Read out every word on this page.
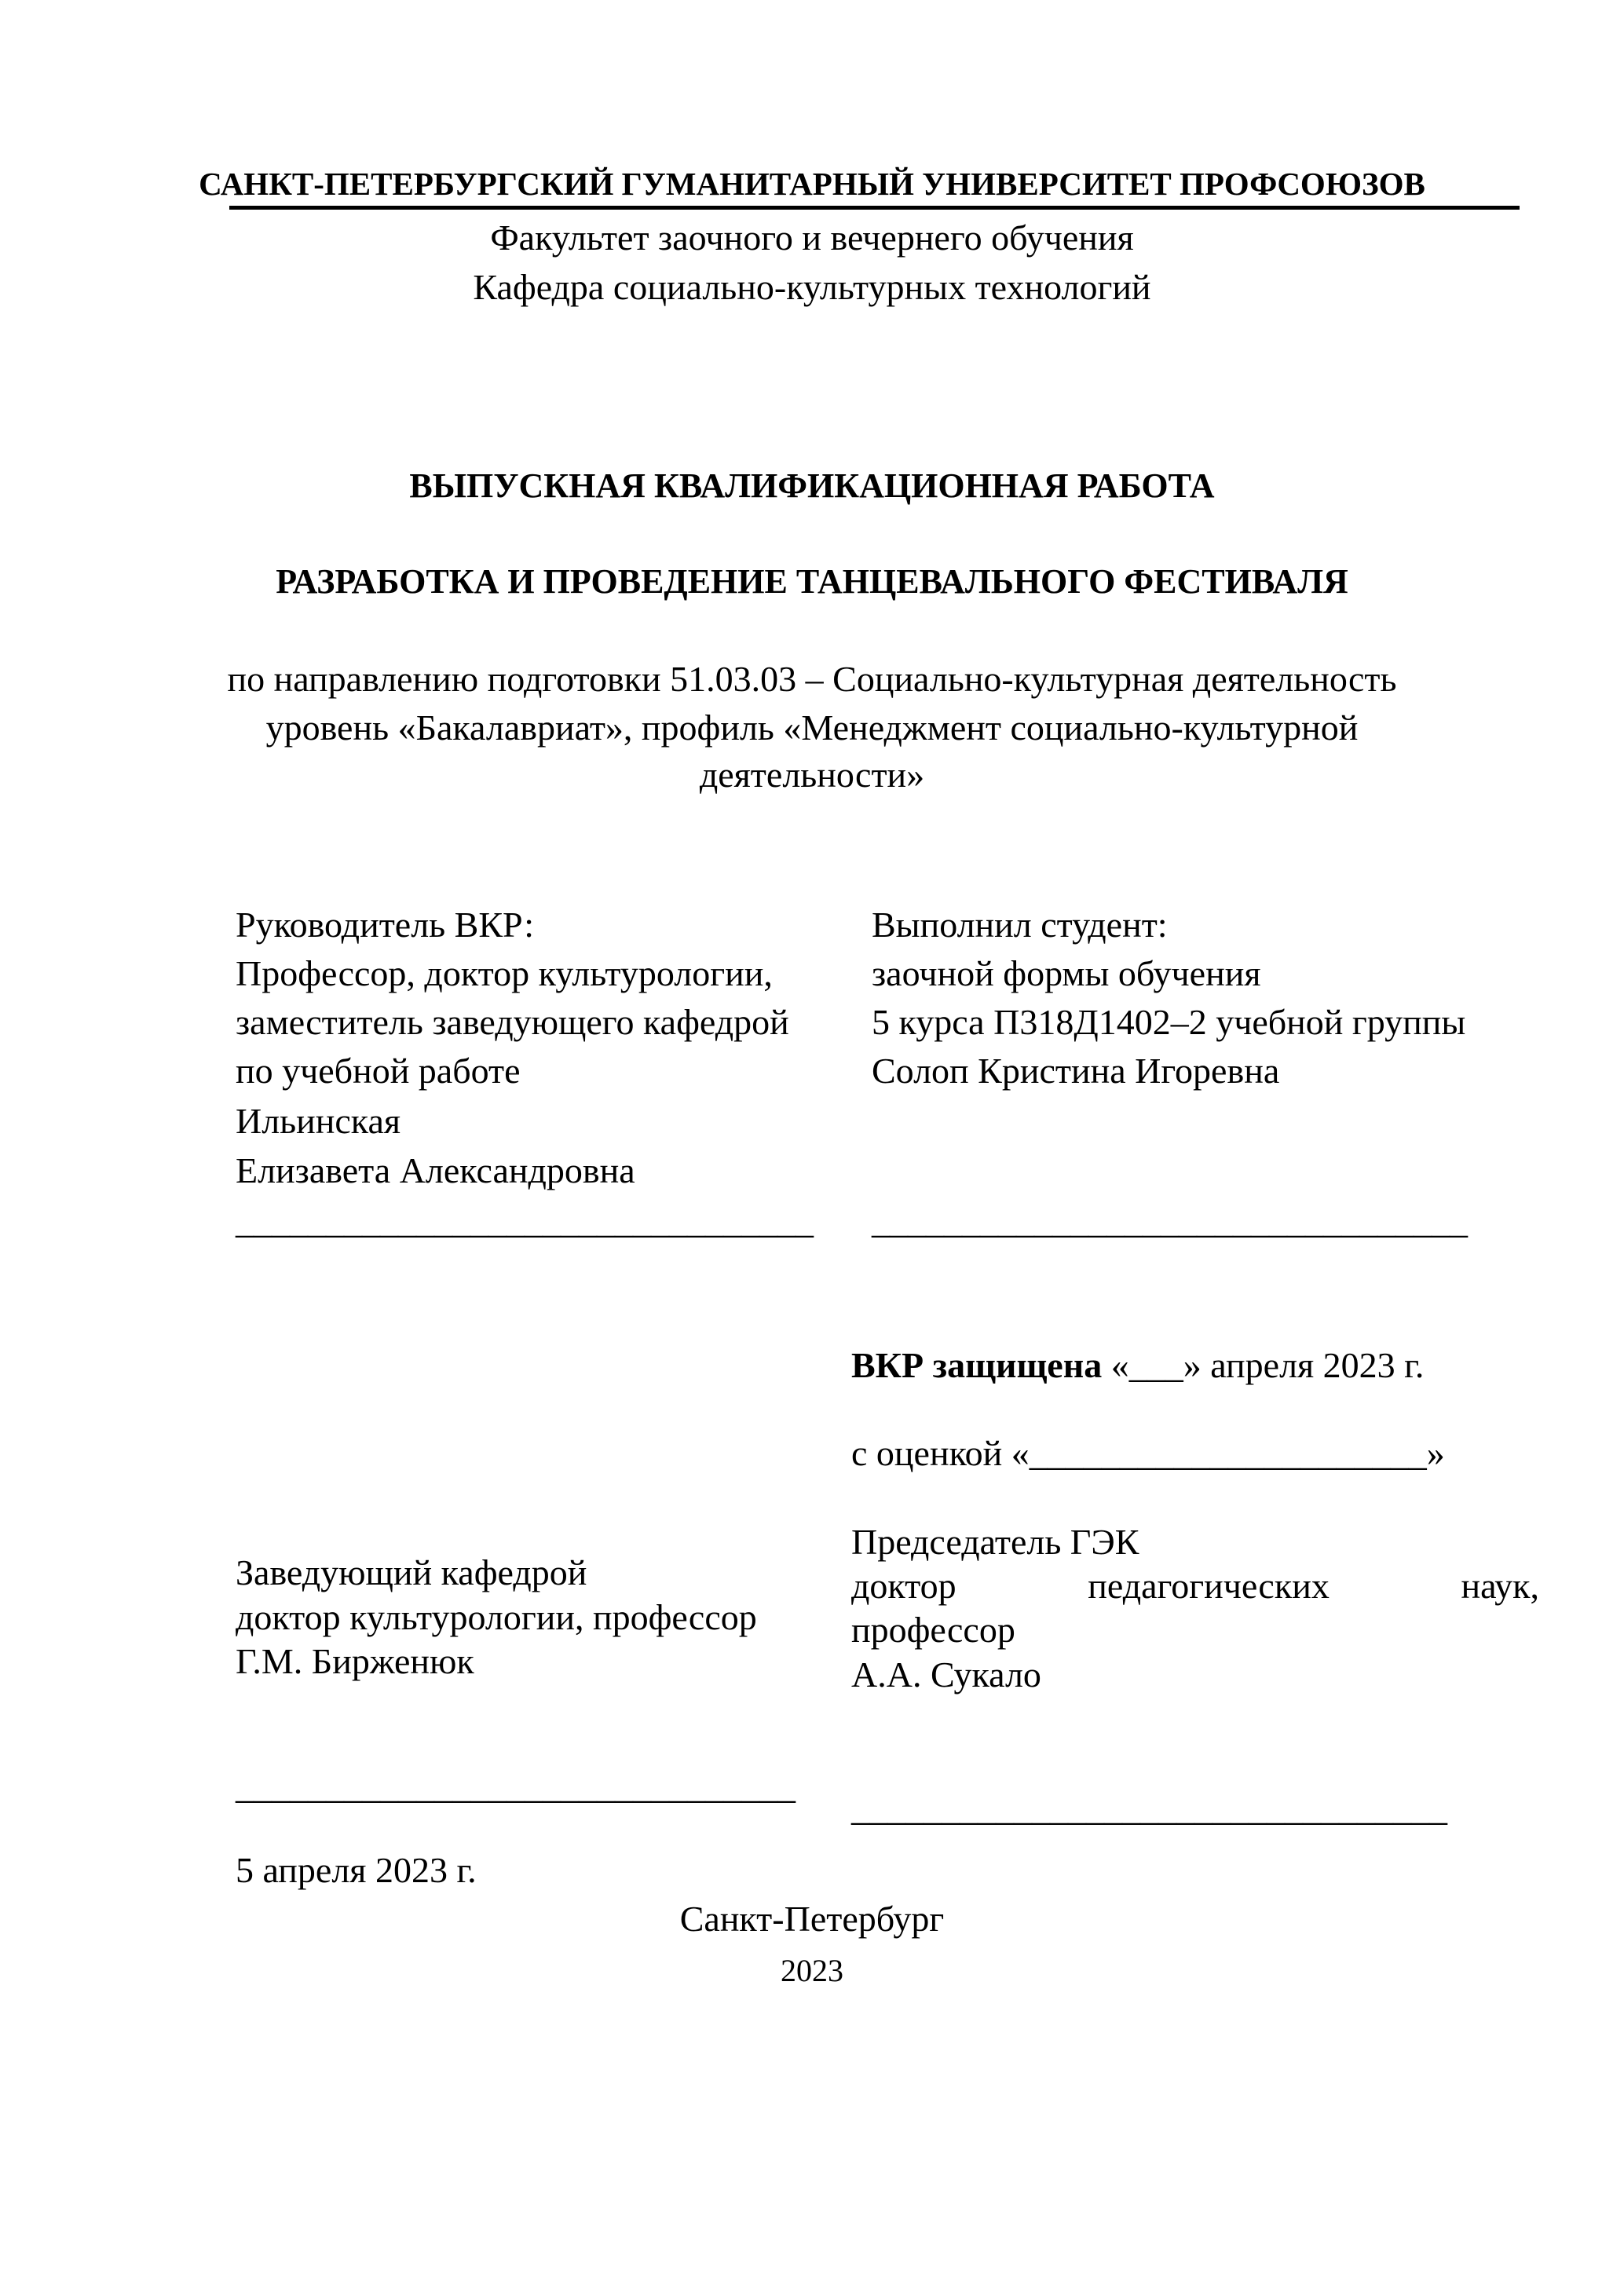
САНКТ-ПЕТЕРБУРГСКИЙ ГУМАНИТАРНЫЙ УНИВЕРСИТЕТ ПРОФСОЮЗОВ
Факультет заочного и вечернего обучения
Кафедра социально-культурных технологий
ВЫПУСКНАЯ КВАЛИФИКАЦИОННАЯ РАБОТА
РАЗРАБОТКА И ПРОВЕДЕНИЕ ТАНЦЕВАЛЬНОГО ФЕСТИВАЛЯ
по направлению подготовки 51.03.03 – Социально-культурная деятельность
уровень «Бакалавриат», профиль «Менеджмент социально-культурной
деятельности»
Руководитель ВКР:
Профессор, доктор культурологии,
заместитель заведующего кафедрой
по учебной работе
Ильинская
Елизавета Александровна
________________________________
Выполнил студент:
заочной формы обучения
5 курса П318Д1402–2 учебной группы
Солоп Кристина Игоревна
_________________________________
ВКР защищена «___» апреля 2023 г.
с оценкой «______________________»
Председатель ГЭК
доктор	педагогических	наук,
профессор
А.А. Сукало
_________________________________
Заведующий кафедрой
доктор культурологии, профессор
Г.М. Бирженюк
_______________________________
5 апреля 2023 г.
Санкт-Петербург
2023
